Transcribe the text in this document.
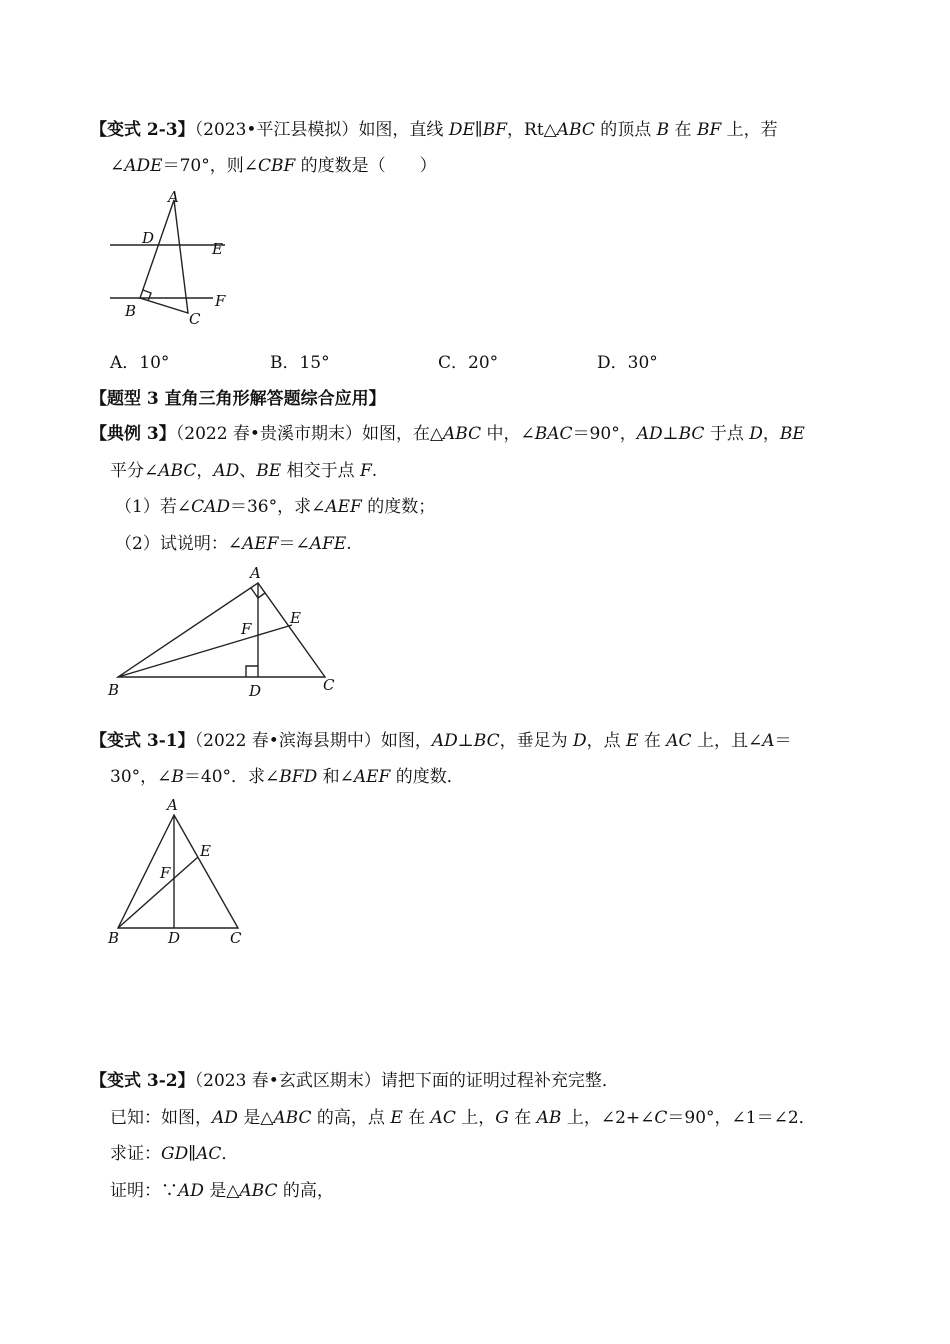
【变式 2-3】（2023•平江县模拟）如图，直线 DE∥BF，Rt△ABC 的顶点 B 在 BF 上，若
∠ADE＝70°，则∠CBF 的度数是（　　）
A
D
E
F
B	C
A．10°	B．15°	C．20°	D．30°
【题型 3 直角三角形解答题综合应用】
【典例 3】（2022 春•贵溪市期末）如图，在△ABC 中，∠BAC＝90°，AD⊥BC 于点 D，BE
平分∠ABC，AD、BE 相交于点 F.
（1）若∠CAD＝36°，求∠AEF 的度数；
（2）试说明：∠AEF＝∠AFE.
A
E
F
B	D	C
【变式 3-1】（2022 春•滨海县期中）如图，AD⊥BC，垂足为 D，点 E 在 AC 上，且∠A＝
30°，∠B＝40°．求∠BFD 和∠AEF 的度数．
A
E
F
B	D	C
【变式 3-2】（2023 春•玄武区期末）请把下面的证明过程补充完整．
已知：如图，AD 是△ABC 的高，点 E 在 AC 上，G 在 AB 上，∠2+∠C＝90°，∠1＝∠2．
求证：GD∥AC．
证明：∵AD 是△ABC 的高，
